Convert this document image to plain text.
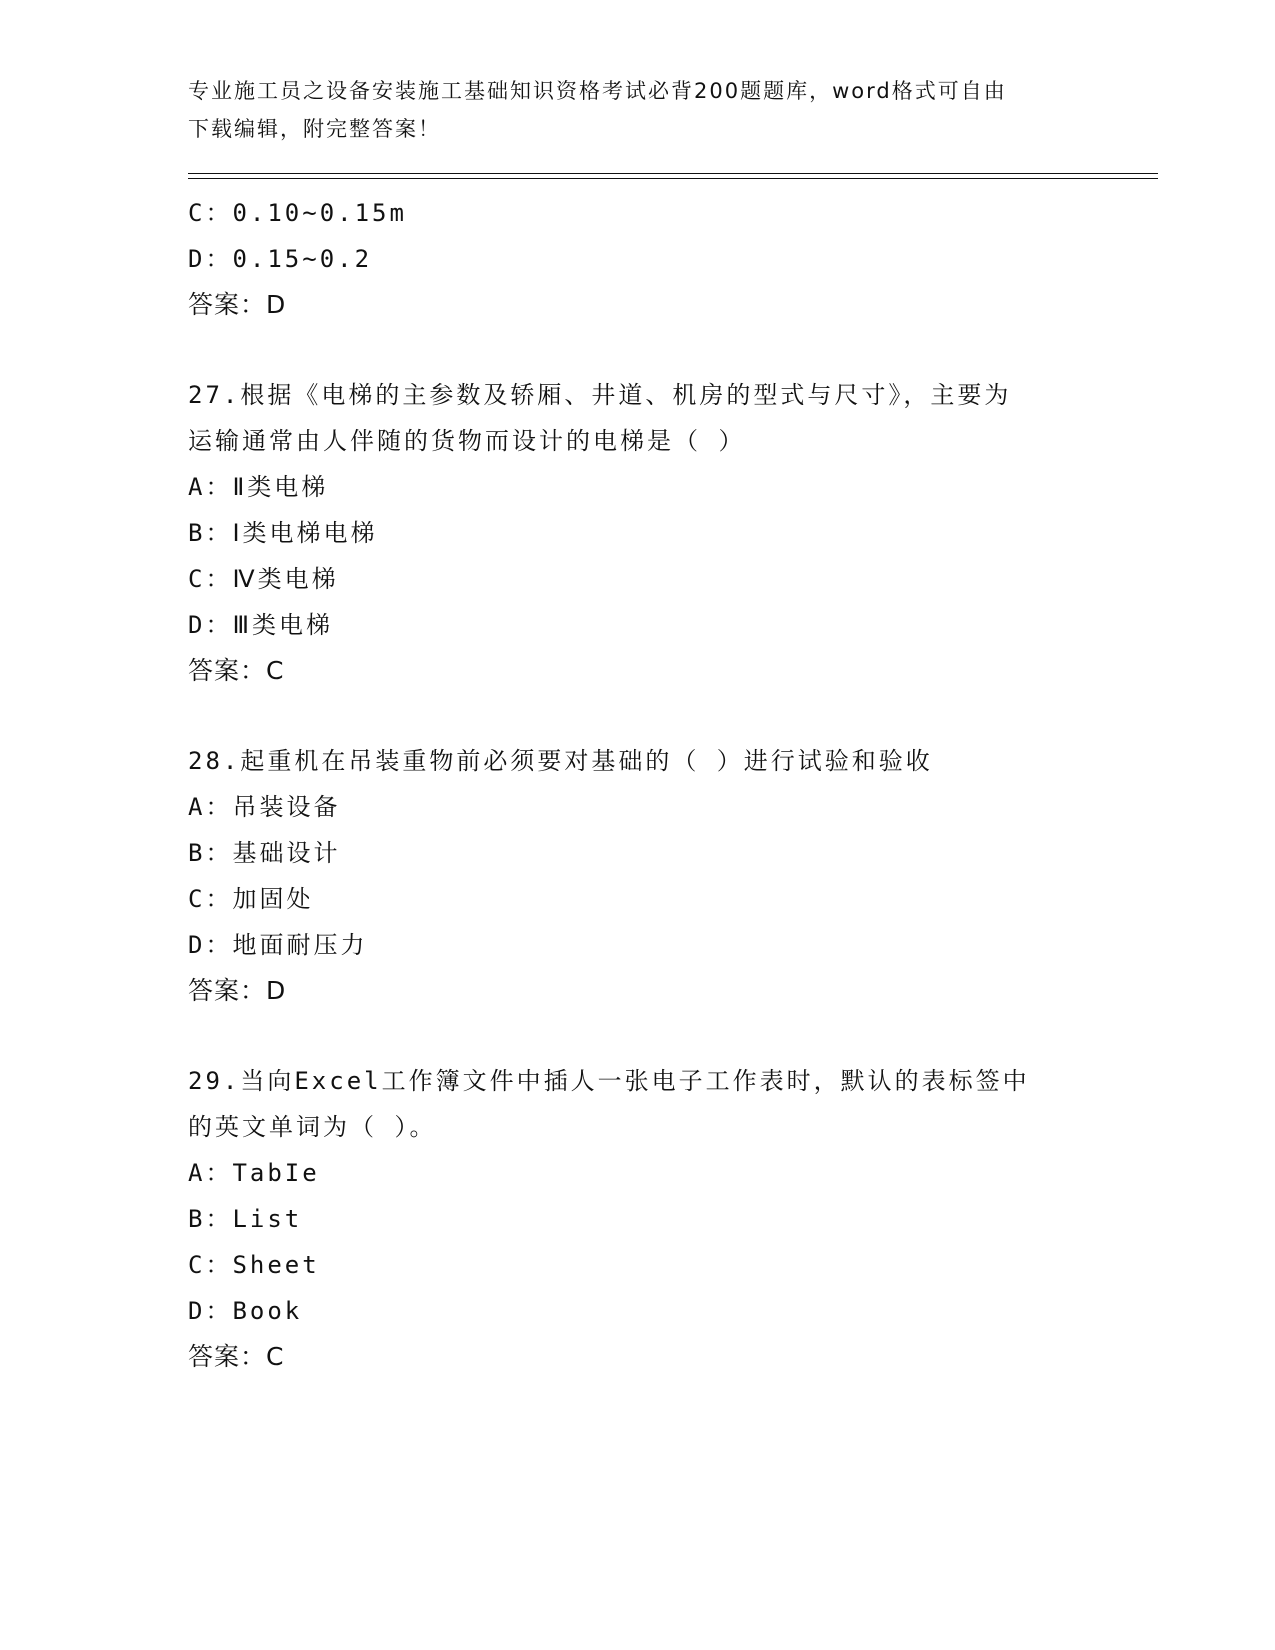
专业施工员之设备安装施工基础知识资格考试必背200题题库，word格式可自由
下载编辑，附完整答案！
C：0.10~0.15m
D：0.15~0.2
答案：D
27.根据《电梯的主参数及轿厢、井道、机房的型式与尺寸》，主要为
运输通常由人伴随的货物而设计的电梯是（ ）
A：Ⅱ类电梯
B：Ⅰ类电梯电梯
C：Ⅳ类电梯
D：Ⅲ类电梯
答案：C
28.起重机在吊装重物前必须要对基础的（ ）进行试验和验收
A：吊装设备
B：基础设计
C：加固处
D：地面耐压力
答案：D
29.当向Excel工作簿文件中插人一张电子工作表时，默认的表标签中
的英文单词为（ ）。
A：TabIe
B：List
C：Sheet
D：Book
答案：C
